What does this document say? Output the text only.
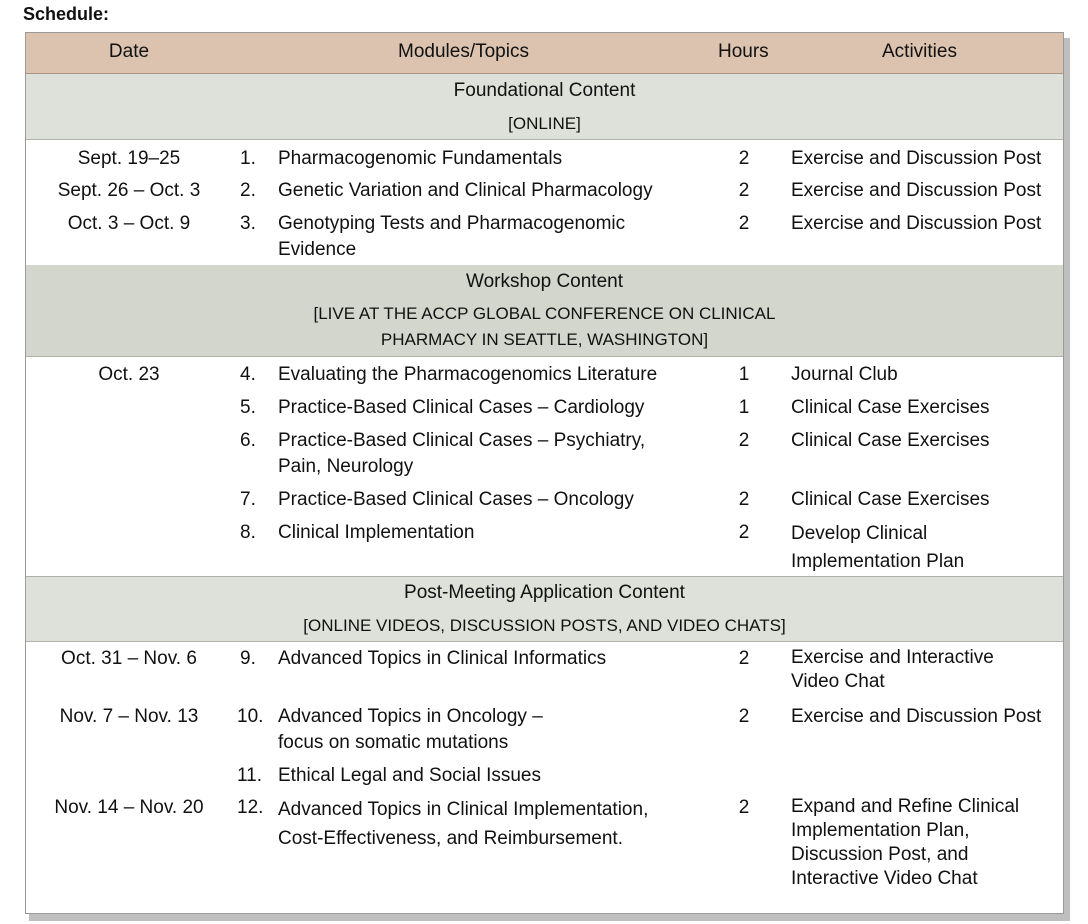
Schedule:
Date	Modules/Topics	Hours	Activities
Foundational Content
[ONLINE]
Sept. 19–25	1.	Pharmacogenomic Fundamentals	2	Exercise and Discussion Post
Sept. 26 – Oct. 3	2.	Genetic Variation and Clinical Pharmacology	2	Exercise and Discussion Post
Oct. 3 – Oct. 9	3.	Genotyping Tests and Pharmacogenomic
Evidence
2	Exercise and Discussion Post
Workshop Content
[LIVE AT THE ACCP GLOBAL CONFERENCE ON CLINICAL
PHARMACY IN SEATTLE, WASHINGTON]
Oct. 23	4.	Evaluating the Pharmacogenomics Literature	1	Journal Club
5.	Practice-Based Clinical Cases – Cardiology	1	Clinical Case Exercises
6.	Practice-Based Clinical Cases – Psychiatry,
Pain, Neurology
2	Clinical Case Exercises
7.	Practice-Based Clinical Cases – Oncology	2	Clinical Case Exercises
8.	Clinical Implementation	2	Develop Clinical
Implementation Plan
Post-Meeting Application Content
[ONLINE VIDEOS, DISCUSSION POSTS, AND VIDEO CHATS]
Oct. 31 – Nov. 6	9.	Advanced Topics in Clinical Informatics	2	Exercise and Interactive
Video Chat
Nov. 7 – Nov. 13	10. Advanced Topics in Oncology –
focus on somatic mutations
2	Exercise and Discussion Post
11. Ethical Legal and Social Issues
Nov. 14 – Nov. 20	12. Advanced Topics in Clinical Implementation,
Cost-Effectiveness, and Reimbursement.
2	Expand and Refine Clinical
Implementation Plan,
Discussion Post, and
Interactive Video Chat
